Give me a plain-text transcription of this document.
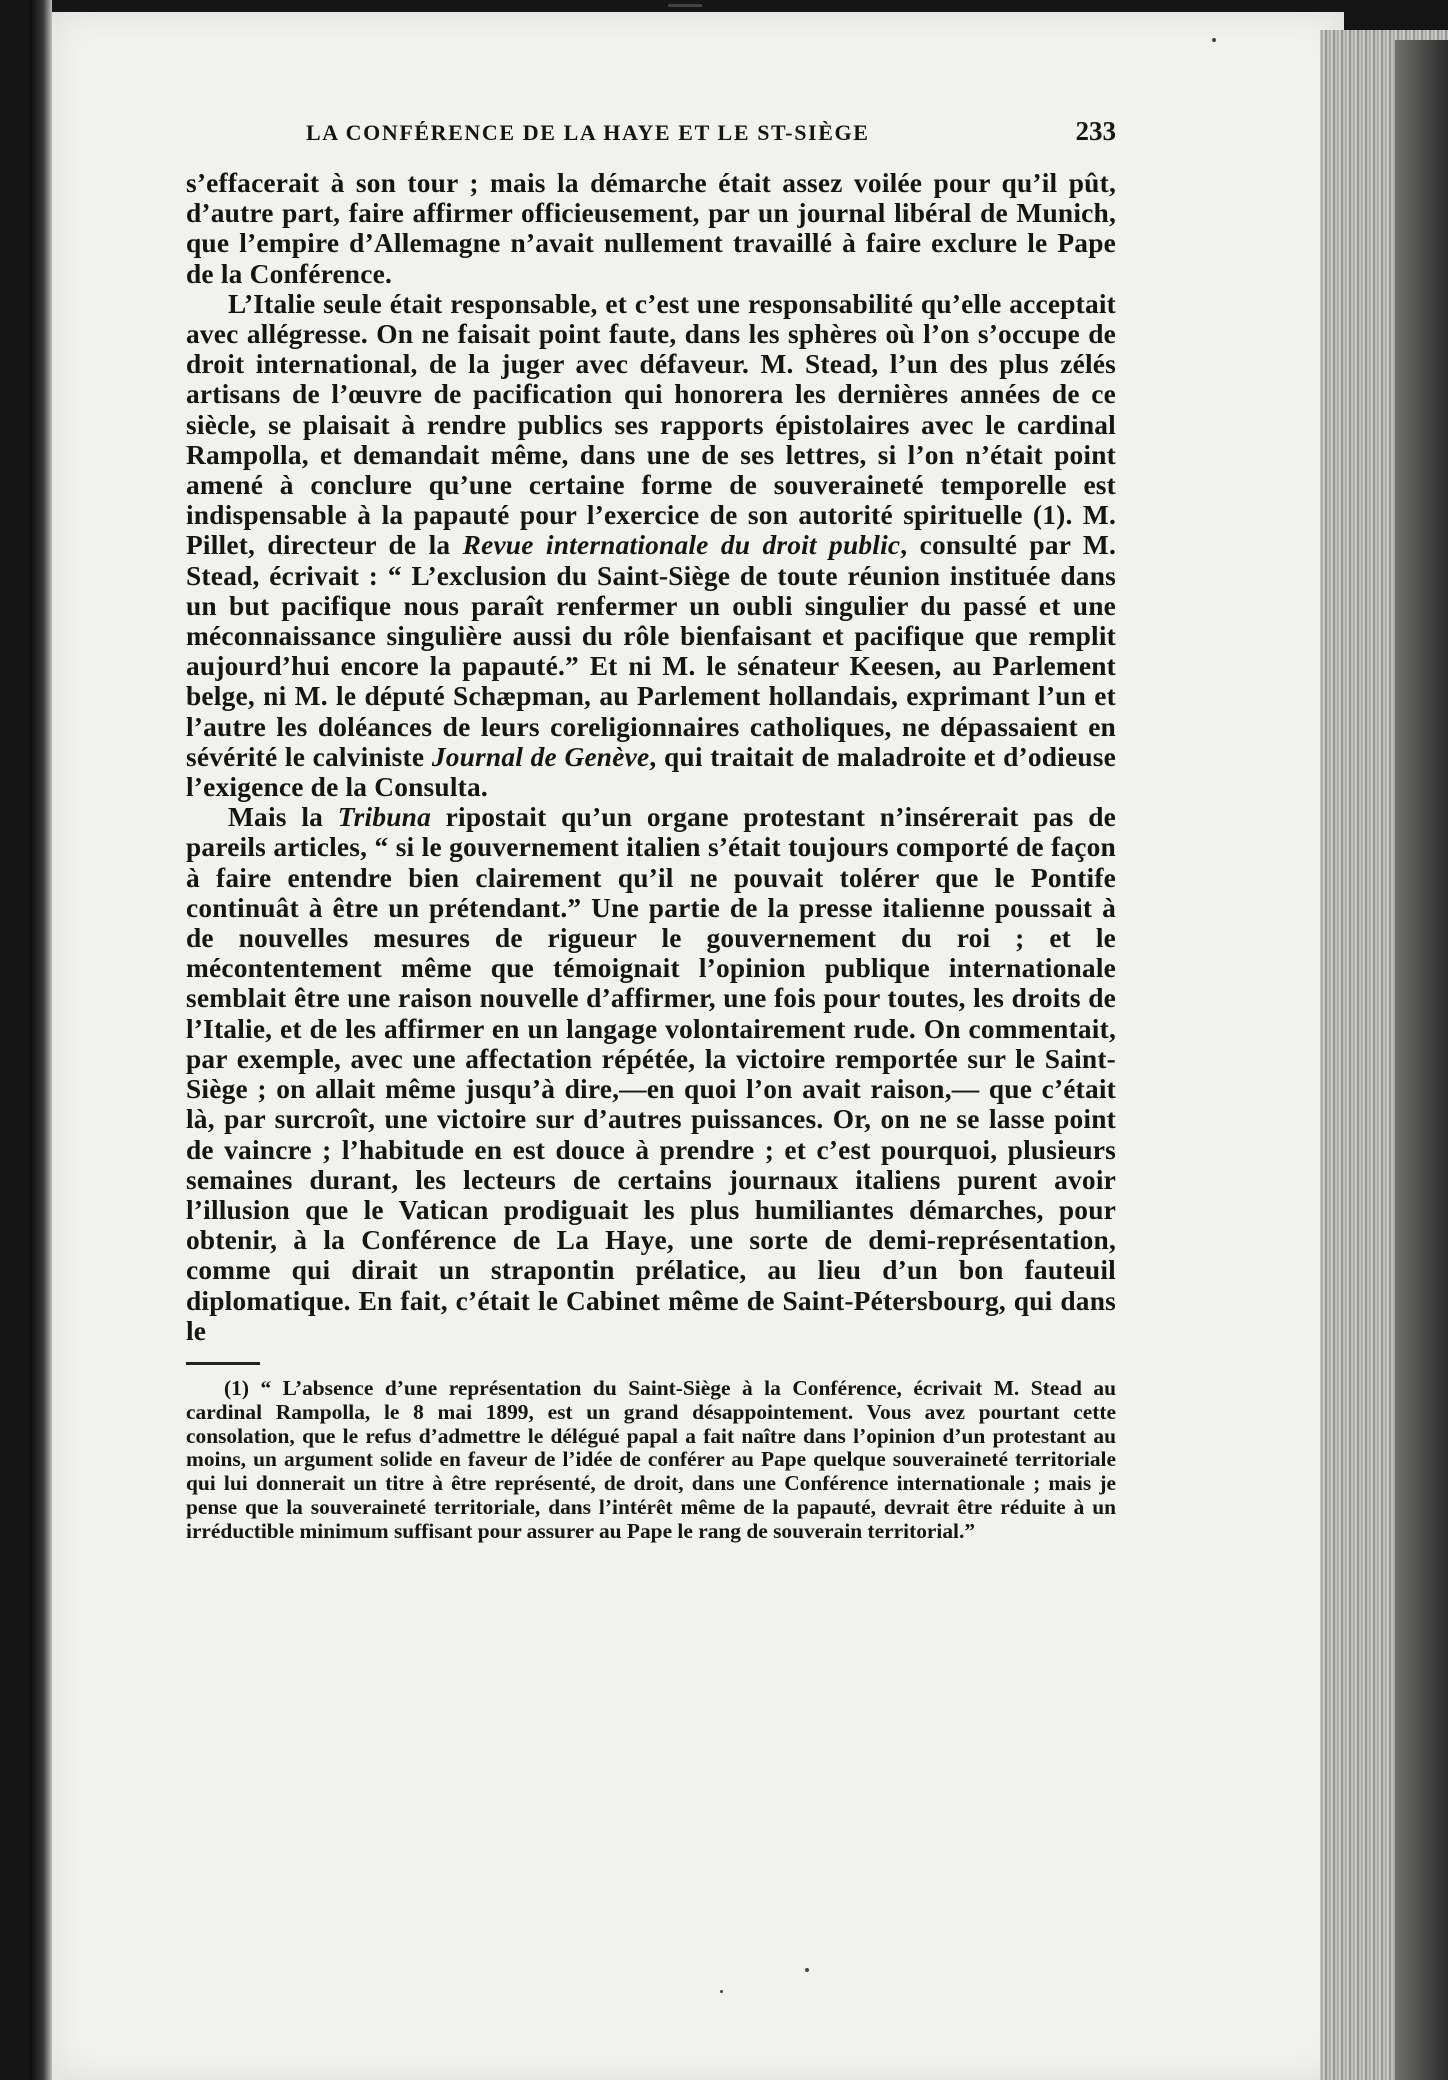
LA CONFÉRENCE DE LA HAYE ET LE ST-SIÈGE	233

s’effacerait à son tour ; mais la démarche était assez voilée pour qu’il pût, d’autre part, faire affirmer officieusement, par un journal libéral de Munich, que l’empire d’Allemagne n’avait nullement travaillé à faire exclure le Pape de la Conférence.

L’Italie seule était responsable, et c’est une responsabilité qu’elle acceptait avec allégresse. On ne faisait point faute, dans les sphères où l’on s’occupe de droit international, de la juger avec défaveur. M. Stead, l’un des plus zélés artisans de l’œuvre de pacification qui honorera les dernières années de ce siècle, se plaisait à rendre publics ses rapports épistolaires avec le cardinal Rampolla, et demandait même, dans une de ses lettres, si l’on n’était point amené à conclure qu’une certaine forme de souveraineté temporelle est indispensable à la papauté pour l’exercice de son autorité spirituelle (1). M. Pillet, directeur de la Revue internationale du droit public, consulté par M. Stead, écrivait : “ L’exclusion du Saint-Siège de toute réunion instituée dans un but pacifique nous paraît renfermer un oubli singulier du passé et une méconnaissance singulière aussi du rôle bienfaisant et pacifique que remplit aujourd’hui encore la papauté.” Et ni M. le sénateur Keesen, au Parlement belge, ni M. le député Schæpman, au Parlement hollandais, exprimant l’un et l’autre les doléances de leurs coreligionnaires catholiques, ne dépassaient en sévérité le calviniste Journal de Genève, qui traitait de maladroite et d’odieuse l’exigence de la Consulta.

Mais la Tribuna ripostait qu’un organe protestant n’insérerait pas de pareils articles, “ si le gouvernement italien s’était toujours comporté de façon à faire entendre bien clairement qu’il ne pouvait tolérer que le Pontife continuât à être un prétendant.” Une partie de la presse italienne poussait à de nouvelles mesures de rigueur le gouvernement du roi ; et le mécontentement même que témoignait l’opinion publique internationale semblait être une raison nouvelle d’affirmer, une fois pour toutes, les droits de l’Italie, et de les affirmer en un langage volontairement rude. On commentait, par exemple, avec une affectation répétée, la victoire remportée sur le Saint-Siège ; on allait même jusqu’à dire,—en quoi l’on avait raison,— que c’était là, par surcroît, une victoire sur d’autres puissances. Or, on ne se lasse point de vaincre ; l’habitude en est douce à prendre ; et c’est pourquoi, plusieurs semaines durant, les lecteurs de certains journaux italiens purent avoir l’illusion que le Vatican prodiguait les plus humiliantes démarches, pour obtenir, à la Conférence de La Haye, une sorte de demi-représentation, comme qui dirait un strapontin prélatice, au lieu d’un bon fauteuil diplomatique. En fait, c’était le Cabinet même de Saint-Pétersbourg, qui dans le

(1) “ L’absence d’une représentation du Saint-Siège à la Conférence, écrivait M. Stead au cardinal Rampolla, le 8 mai 1899, est un grand désappointement. Vous avez pourtant cette consolation, que le refus d’admettre le délégué papal a fait naître dans l’opinion d’un protestant au moins, un argument solide en faveur de l’idée de conférer au Pape quelque souveraineté territoriale qui lui donnerait un titre à être représenté, de droit, dans une Conférence internationale ; mais je pense que la souveraineté territoriale, dans l’intérêt même de la papauté, devrait être réduite à un irréductible minimum suffisant pour assurer au Pape le rang de souverain territorial.”
